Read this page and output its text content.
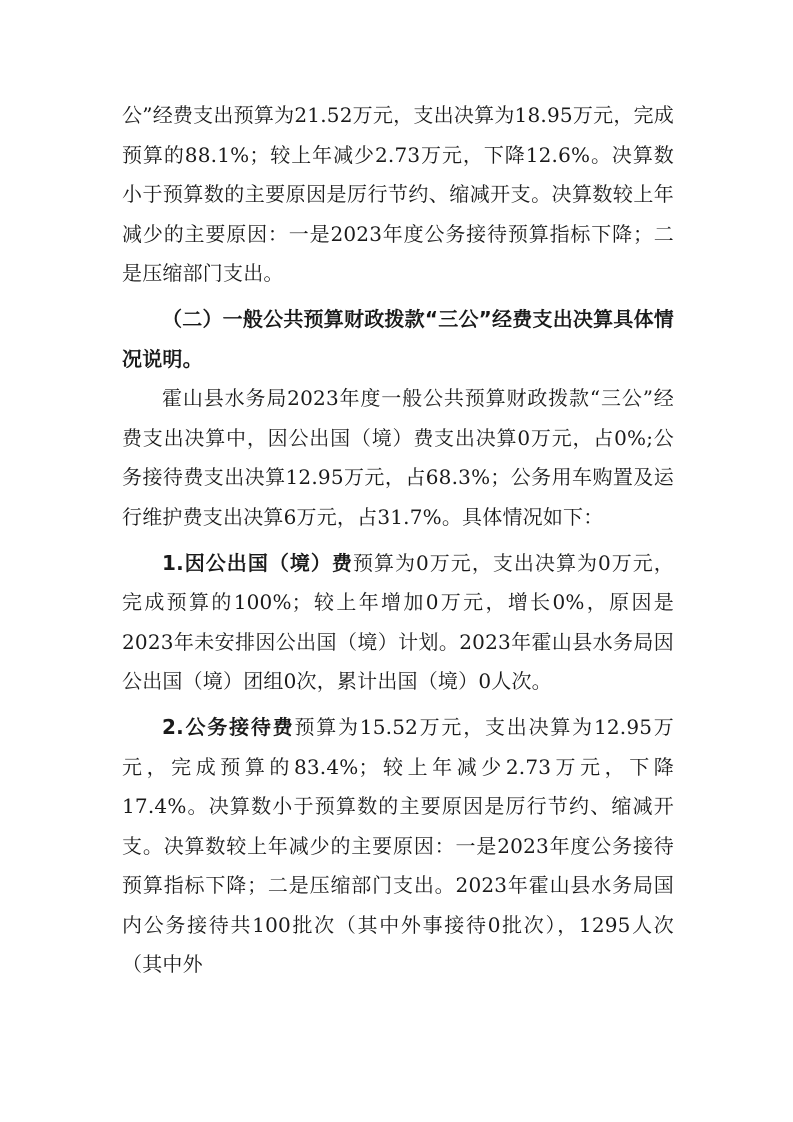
公”经费支出预算为21.52万元，支出决算为18.95万元，完成预算的88.1%；较上年减少2.73万元，下降12.6%。决算数小于预算数的主要原因是厉行节约、缩减开支。决算数较上年减少的主要原因：一是2023年度公务接待预算指标下降；二是压缩部门支出。

（二）一般公共预算财政拨款“三公”经费支出决算具体情况说明。

霍山县水务局2023年度一般公共预算财政拨款“三公”经费支出决算中，因公出国（境）费支出决算0万元，占0%;公务接待费支出决算12.95万元，占68.3%；公务用车购置及运行维护费支出决算6万元，占31.7%。具体情况如下：

1.因公出国（境）费预算为0万元，支出决算为0万元，完成预算的100%；较上年增加0万元，增长0%，原因是2023年未安排因公出国（境）计划。2023年霍山县水务局因公出国（境）团组0次，累计出国（境）0人次。

2.公务接待费预算为15.52万元，支出决算为12.95万元，完成预算的83.4%；较上年减少2.73万元，下降17.4%。决算数小于预算数的主要原因是厉行节约、缩减开支。决算数较上年减少的主要原因：一是2023年度公务接待预算指标下降；二是压缩部门支出。2023年霍山县水务局国内公务接待共100批次（其中外事接待0批次），1295人次（其中外
